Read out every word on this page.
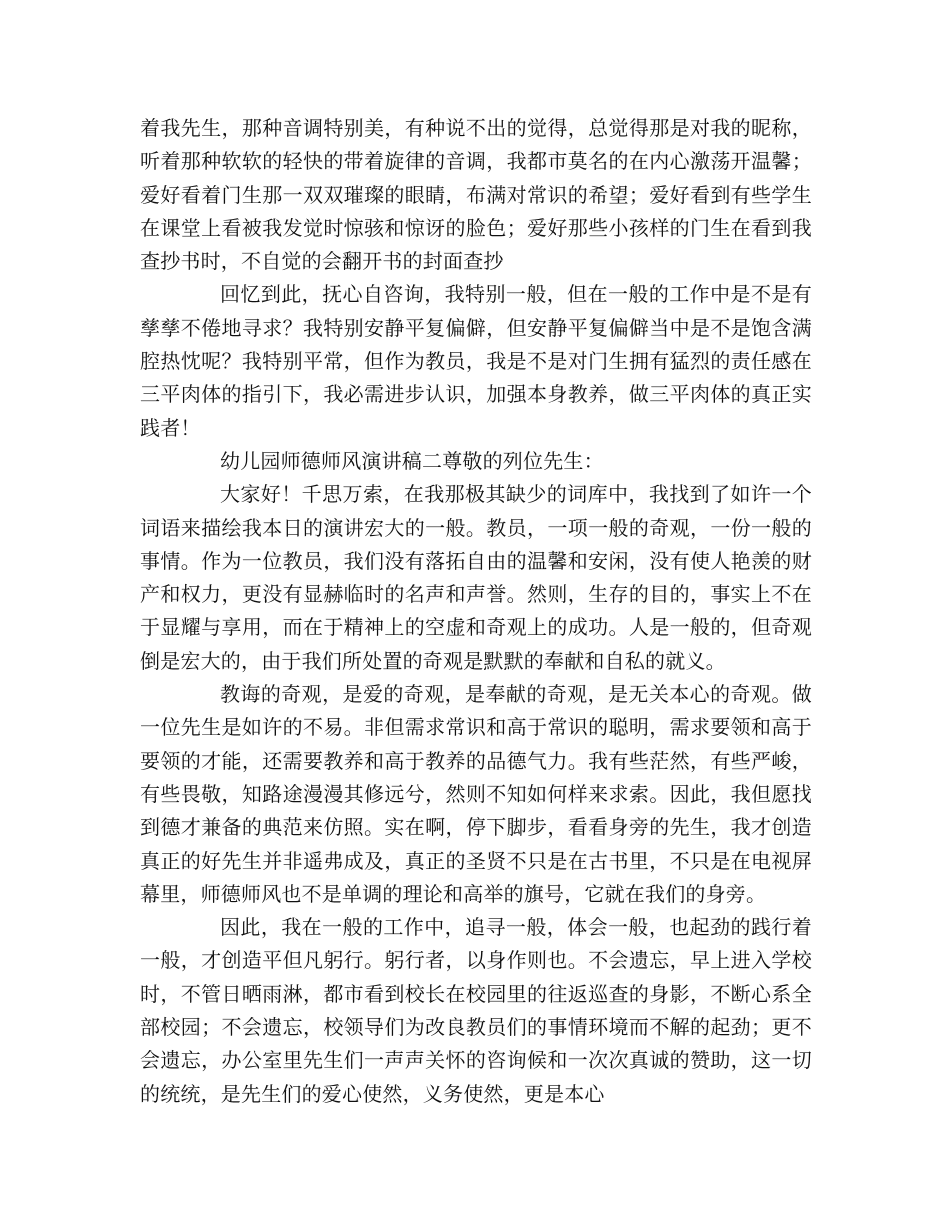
着我先生，那种音调特别美，有种说不出的觉得，总觉得那是对我的昵称，听着那种软软的轻快的带着旋律的音调，我都市莫名的在内心激荡开温馨；爱好看着门生那一双双璀璨的眼睛，布满对常识的希望；爱好看到有些学生在课堂上看被我发觉时惊骇和惊讶的脸色；爱好那些小孩样的门生在看到我查抄书时，不自觉的会翻开书的封面查抄

回忆到此，抚心自咨询，我特别一般，但在一般的工作中是不是有孳孳不倦地寻求？我特别安静平复偏僻，但安静平复偏僻当中是不是饱含满腔热忱呢？我特别平常，但作为教员，我是不是对门生拥有猛烈的责任感在三平肉体的指引下，我必需进步认识，加强本身教养，做三平肉体的真正实践者！

幼儿园师德师风演讲稿二尊敬的列位先生：

大家好！千思万索，在我那极其缺少的词库中，我找到了如许一个词语来描绘我本日的演讲宏大的一般。教员，一项一般的奇观，一份一般的事情。作为一位教员，我们没有落拓自由的温馨和安闲，没有使人艳羡的财产和权力，更没有显赫临时的名声和声誉。然则，生存的目的，事实上不在于显耀与享用，而在于精神上的空虚和奇观上的成功。人是一般的，但奇观倒是宏大的，由于我们所处置的奇观是默默的奉献和自私的就义。

教诲的奇观，是爱的奇观，是奉献的奇观，是无关本心的奇观。做一位先生是如许的不易。非但需求常识和高于常识的聪明，需求要领和高于要领的才能，还需要教养和高于教养的品德气力。我有些茫然，有些严峻，有些畏敬，知路途漫漫其修远兮，然则不知如何样来求索。因此，我但愿找到德才兼备的典范来仿照。实在啊，停下脚步，看看身旁的先生，我才创造真正的好先生并非遥弗成及，真正的圣贤不只是在古书里，不只是在电视屏幕里，师德师风也不是单调的理论和高举的旗号，它就在我们的身旁。

因此，我在一般的工作中，追寻一般，体会一般，也起劲的践行着一般，才创造平但凡躬行。躬行者，以身作则也。不会遗忘，早上进入学校时，不管日晒雨淋，都市看到校长在校园里的往返巡查的身影，不断心系全部校园；不会遗忘，校领导们为改良教员们的事情环境而不解的起劲；更不会遗忘，办公室里先生们一声声关怀的咨询候和一次次真诚的赞助，这一切的统统，是先生们的爱心使然，义务使然，更是本心
